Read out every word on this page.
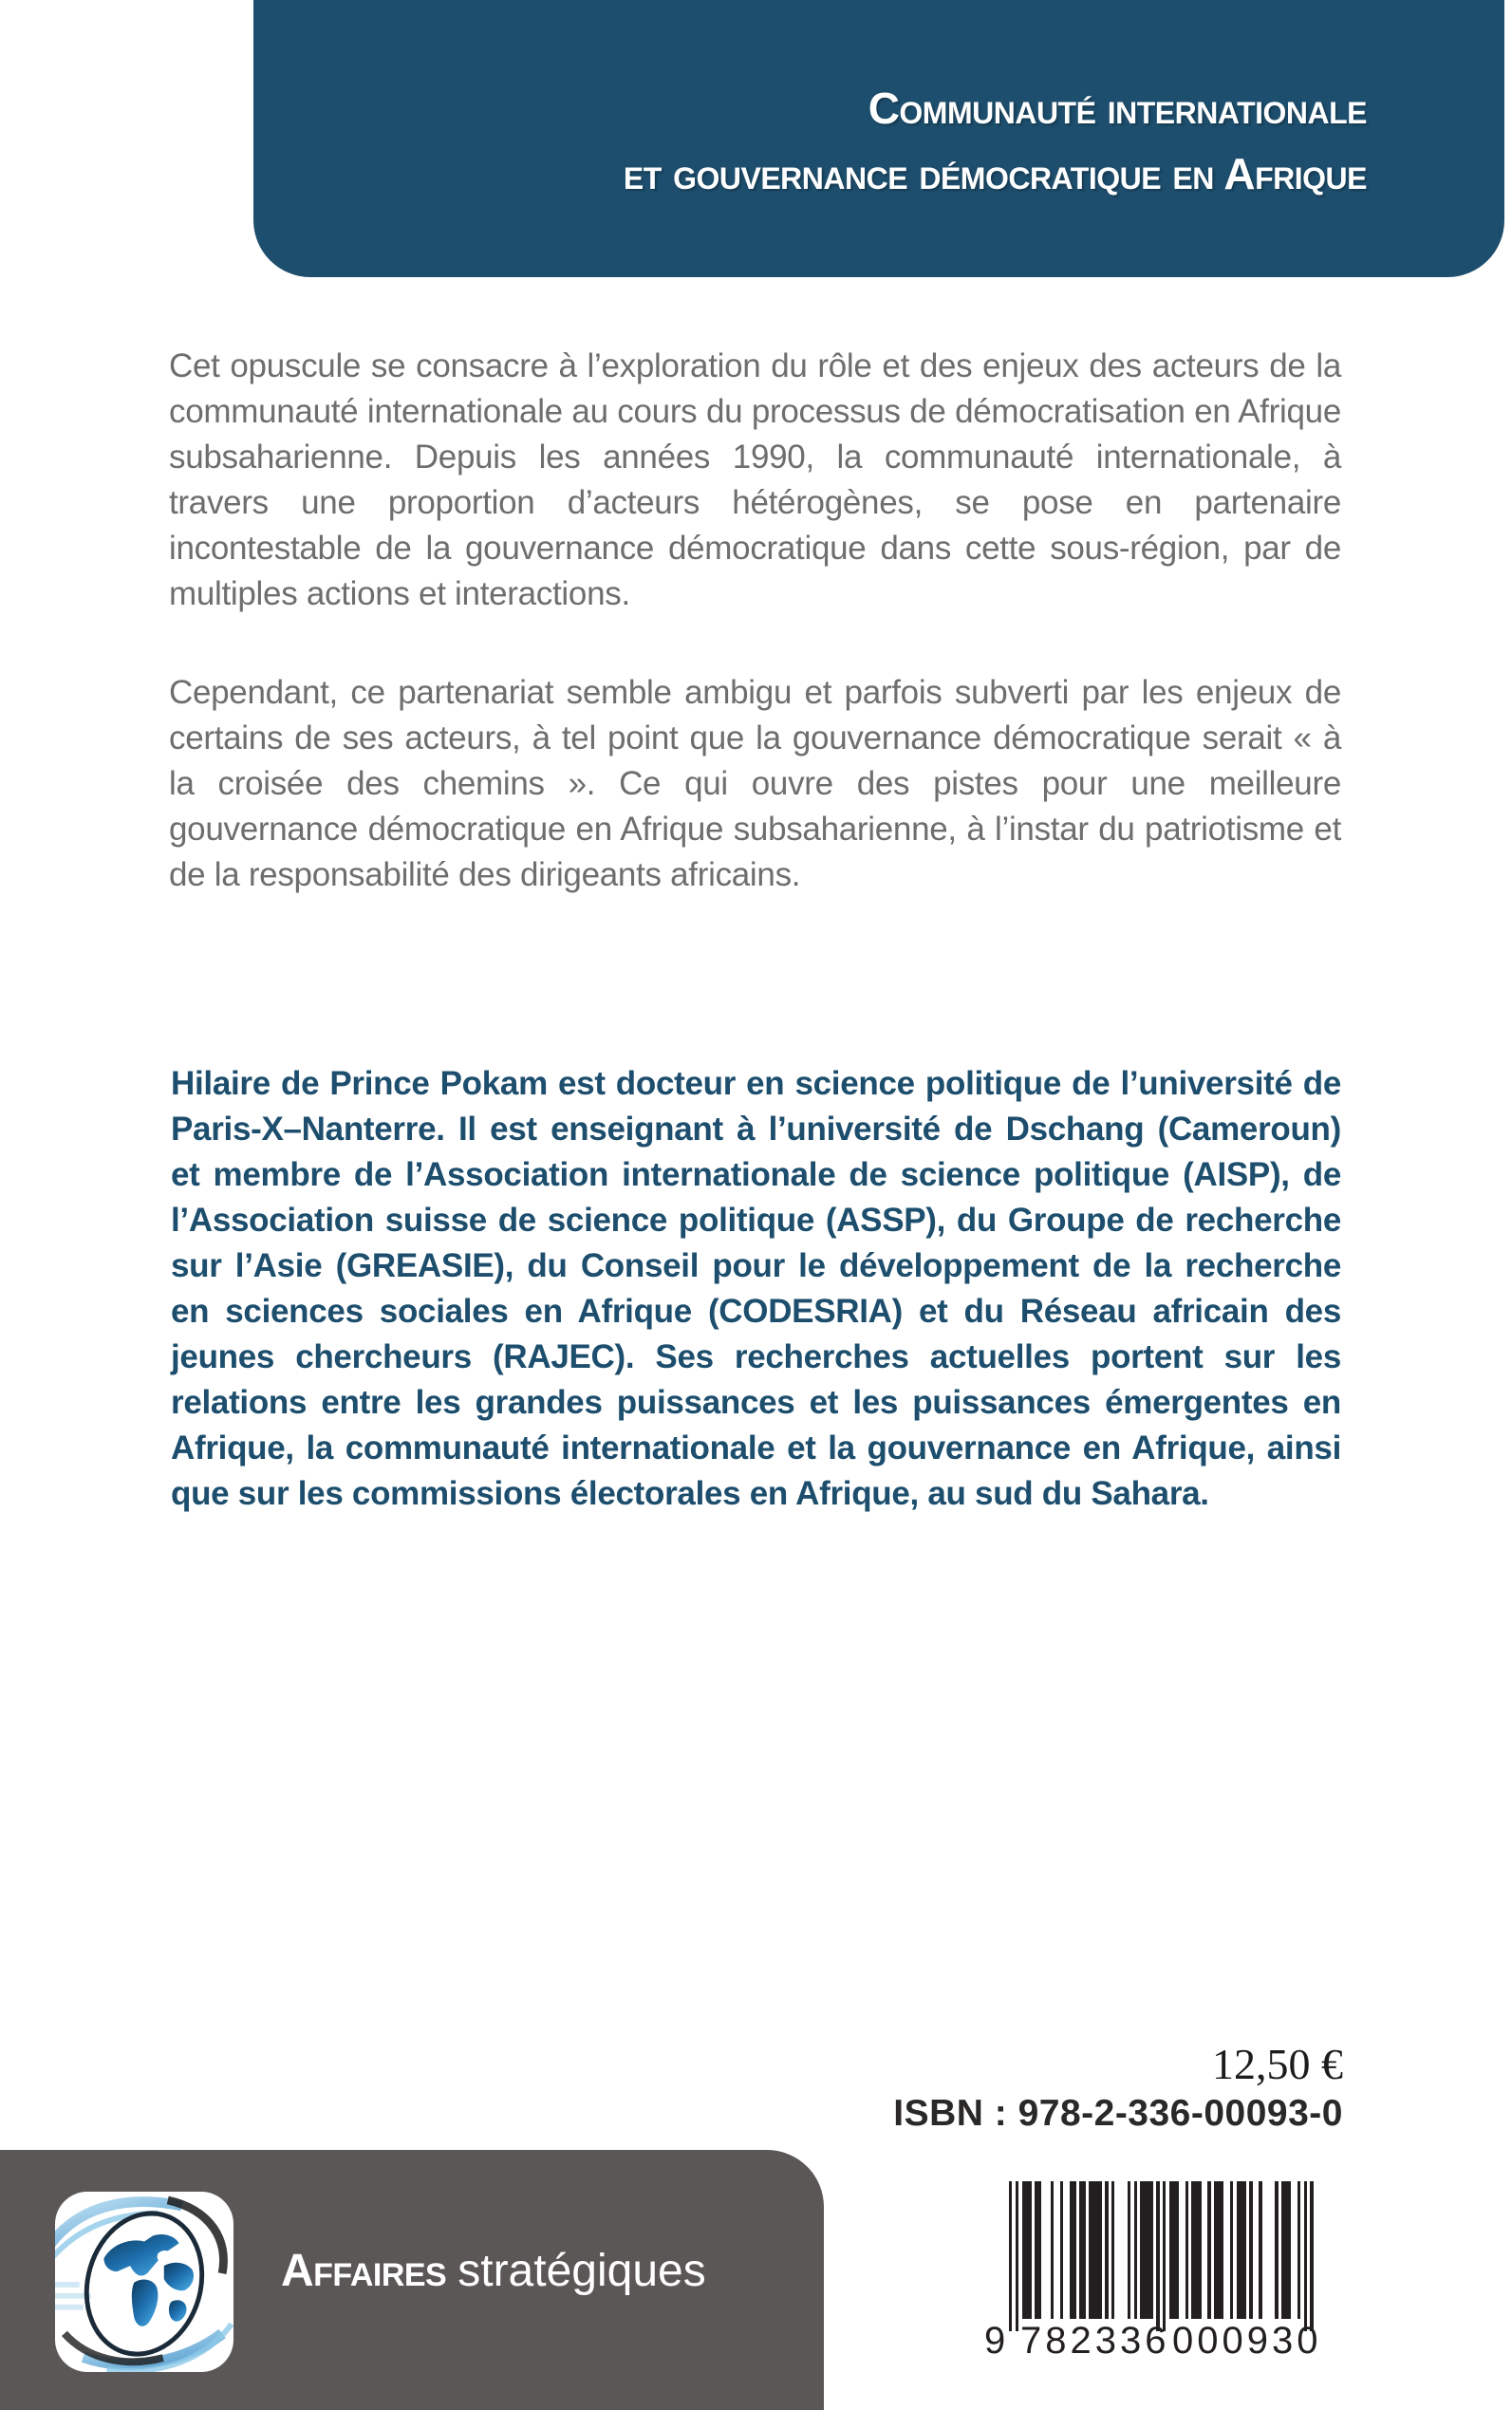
Communauté internationale
et gouvernance démocratique en Afrique

Cet opuscule se consacre à l’exploration du rôle et des enjeux des acteurs de la communauté internationale au cours du processus de démocratisation en Afrique subsaharienne. Depuis les années 1990, la communauté internationale, à travers une proportion d’acteurs hétérogènes, se pose en partenaire incontestable de la gouvernance démocratique dans cette sous-région, par de multiples actions et interactions.

Cependant, ce partenariat semble ambigu et parfois subverti par les enjeux de certains de ses acteurs, à tel point que la gouvernance démocratique serait « à la croisée des chemins ». Ce qui ouvre des pistes pour une meilleure gouvernance démocratique en Afrique subsaharienne, à l’instar du patriotisme et de la responsabilité des dirigeants africains.

Hilaire de Prince Pokam est docteur en science politique de l’université de Paris-X–Nanterre. Il est enseignant à l’université de Dschang (Cameroun) et membre de l’Association internationale de science politique (AISP), de l’Association suisse de science politique (ASSP), du Groupe de recherche sur l’Asie (GREASIE), du Conseil pour le développement de la recherche en sciences sociales en Afrique (CODESRIA) et du Réseau africain des jeunes chercheurs (RAJEC). Ses recherches actuelles portent sur les relations entre les grandes puissances et les puissances émergentes en Afrique, la communauté internationale et la gouvernance en Afrique, ainsi que sur les commissions électorales en Afrique, au sud du Sahara.
12,50 €
ISBN : 978-2-336-00093-0
Affaires stratégiques
9 782336 000930
